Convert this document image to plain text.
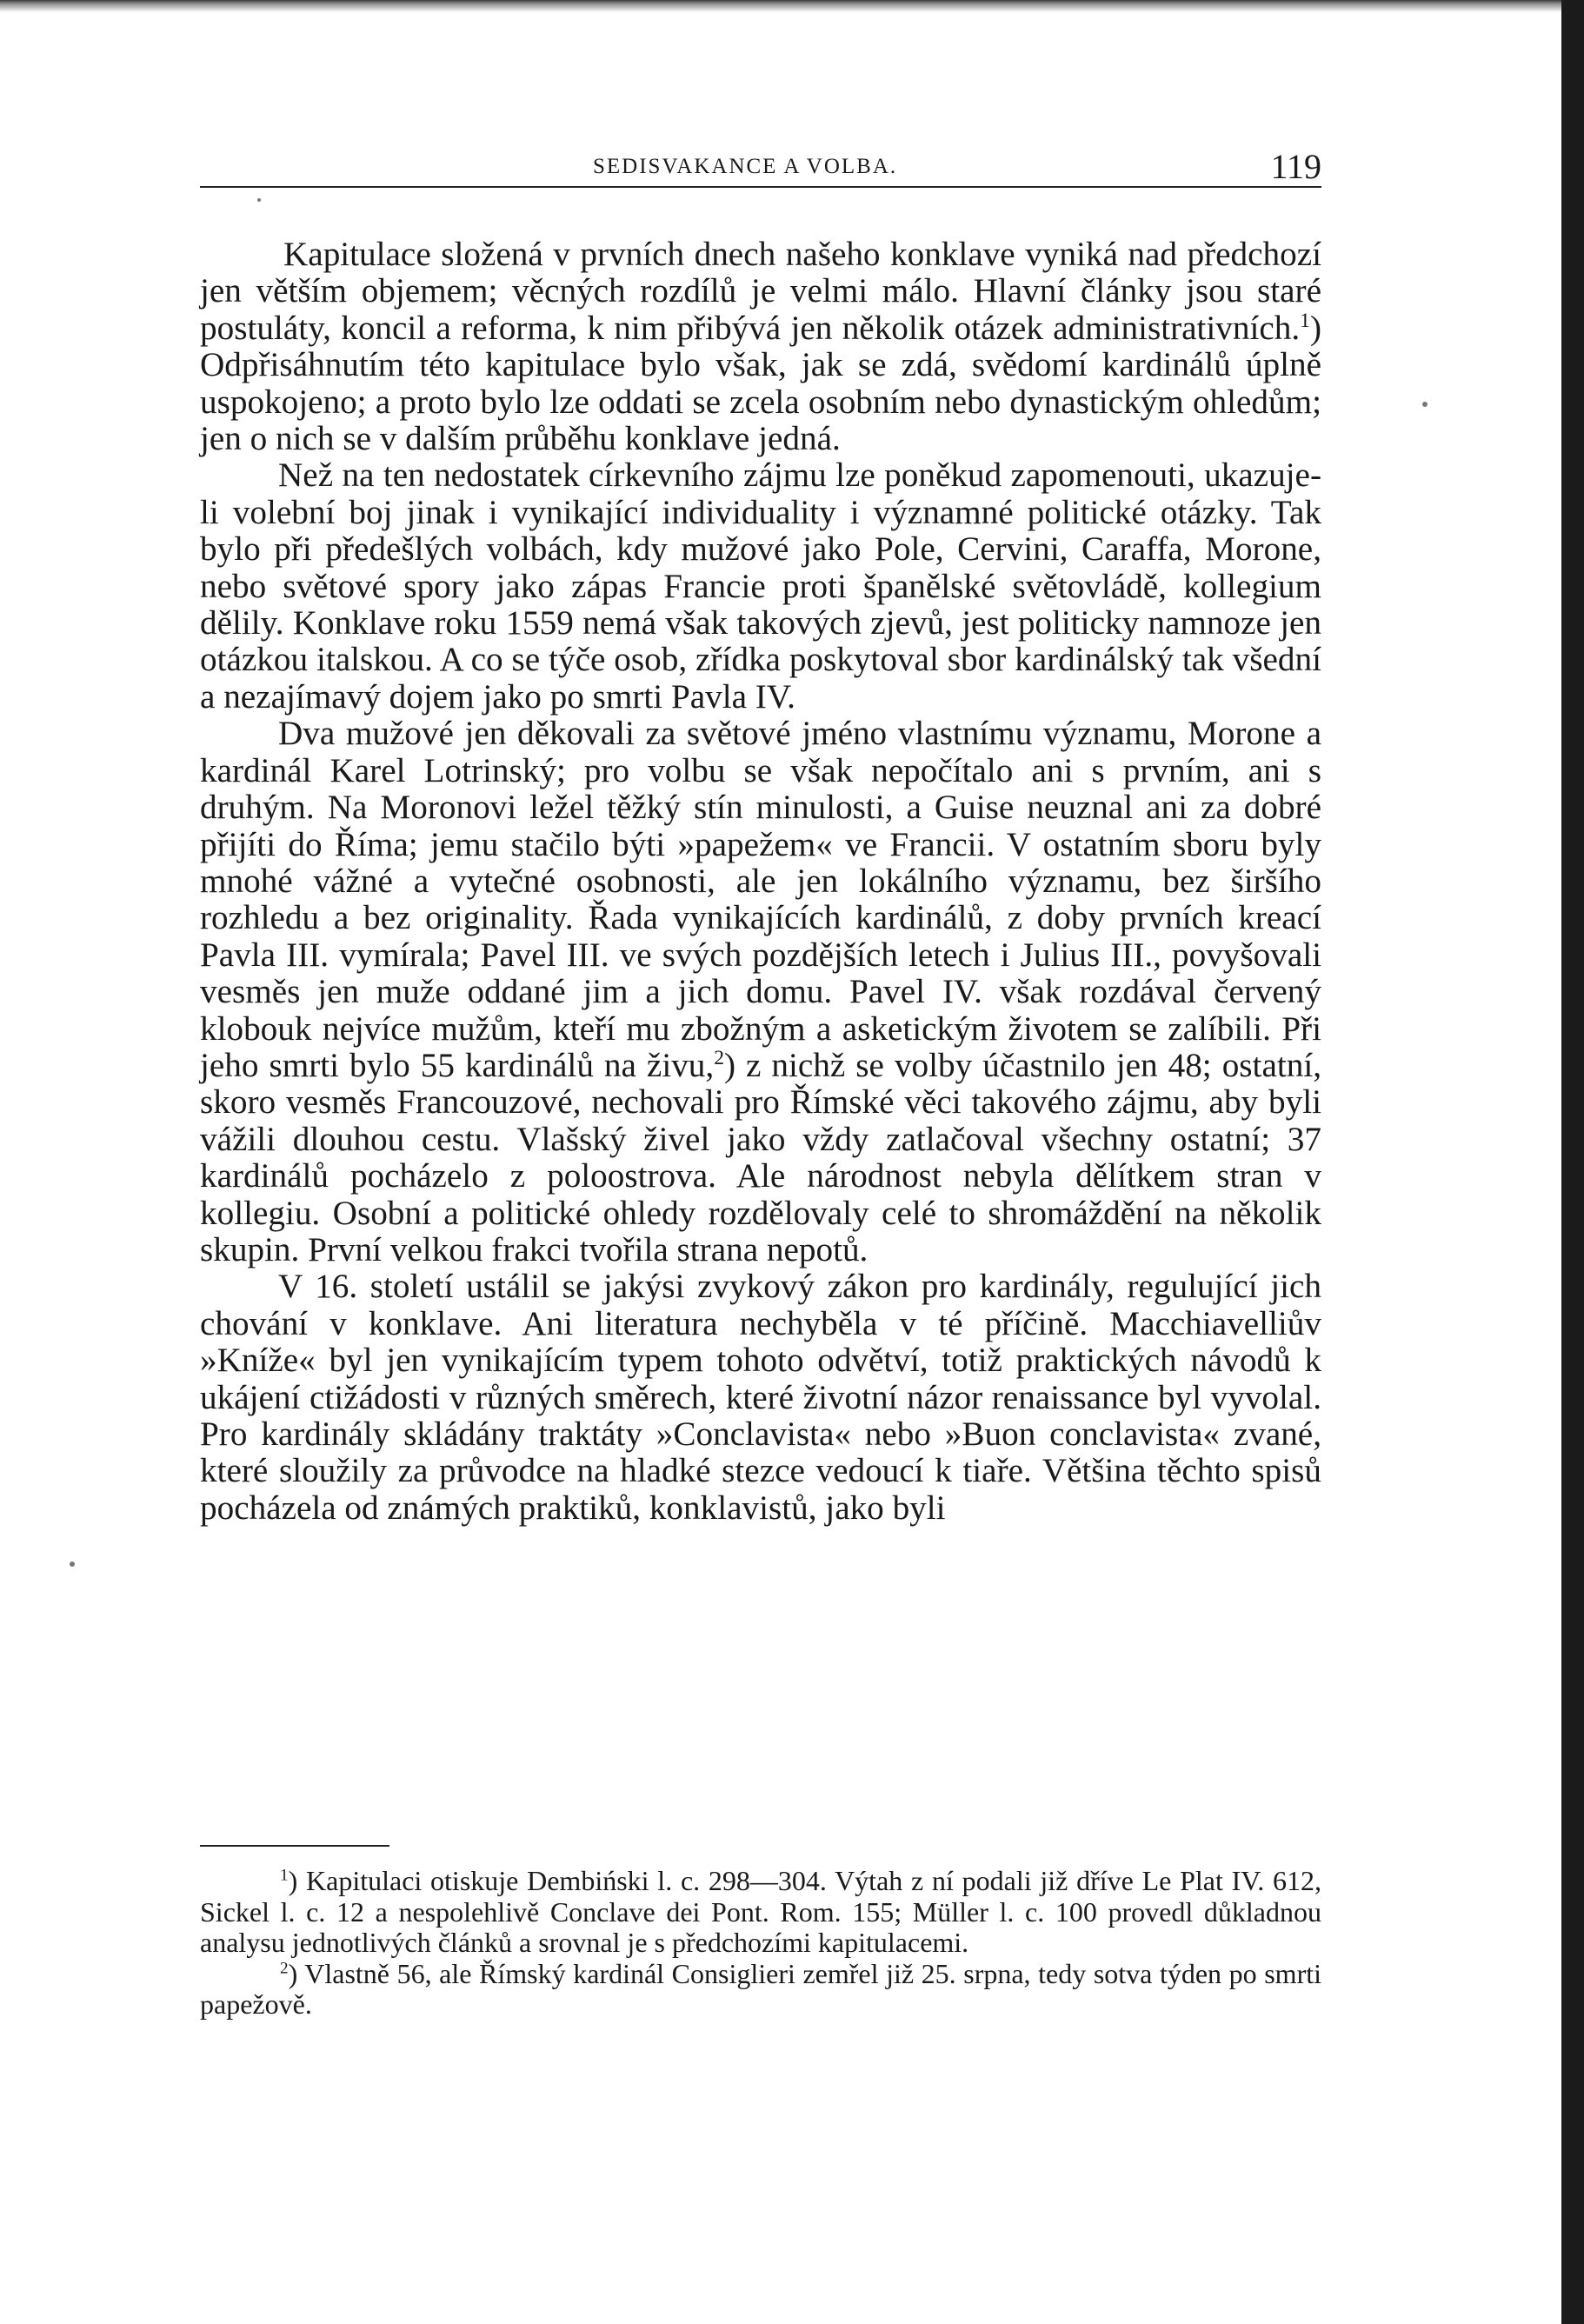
SEDISVAKANCE A VOLBA.	119

Kapitulace složená v prvních dnech našeho konklave vyniká nad předchozí jen větším objemem; věcných rozdílů je velmi málo. Hlavní články jsou staré postuláty, koncil a reforma, k nim přibývá jen několik otázek administrativních.$^1$) Odpřisáhnutím této kapitulace bylo však, jak se zdá, svědomí kardinálů úplně uspokojeno; a proto bylo lze oddati se zcela osobním nebo dynastickým ohledům; jen o nich se v dalším průběhu konklave jedná.

Než na ten nedostatek církevního zájmu lze poněkud zapomenouti, ukazuje-li volební boj jinak i vynikající individuality i významné politické otázky. Tak bylo při předešlých volbách, kdy mužové jako Pole, Cervini, Caraffa, Morone, nebo světové spory jako zápas Francie proti španělské světovládě, kollegium dělily. Konklave roku 1559 nemá však takových zjevů, jest politicky namnoze jen otázkou italskou. A co se týče osob, zřídka poskytoval sbor kardinálský tak všední a nezajímavý dojem jako po smrti Pavla IV.

Dva mužové jen děkovali za světové jméno vlastnímu významu, Morone a kardinál Karel Lotrinský; pro volbu se však nepočítalo ani s prvním, ani s druhým. Na Moronovi ležel těžký stín minulosti, a Guise neuznal ani za dobré přijíti do Říma; jemu stačilo býti »papežem« ve Francii. V ostatním sboru byly mnohé vážné a vytečné osobnosti, ale jen lokálního významu, bez širšího rozhledu a bez originality. Řada vynikajících kardinálů, z doby prvních kreací Pavla III. vymírala; Pavel III. ve svých pozdějších letech i Julius III., povyšovali vesměs jen muže oddané jim a jich domu. Pavel IV. však rozdával červený klobouk nejvíce mužům, kteří mu zbožným a asketickým životem se zalíbili. Při jeho smrti bylo 55 kardinálů na živu,$^2$) z nichž se volby účastnilo jen 48; ostatní, skoro vesměs Francouzové, nechovali pro Římské věci takového zájmu, aby byli vážili dlouhou cestu. Vlašský živel jako vždy zatlačoval všechny ostatní; 37 kardinálů pocházelo z poloostrova. Ale národnost nebyla dělítkem stran v kollegiu. Osobní a politické ohledy rozdělovaly celé to shromáždění na několik skupin. První velkou frakci tvořila strana nepotů.

V 16. století ustálil se jakýsi zvykový zákon pro kardinály, regulující jich chování v konklave. Ani literatura nechyběla v té příčině. Macchiavelliův »Kníže« byl jen vynikajícím typem tohoto odvětví, totiž praktických návodů k ukájení ctižádosti v různých směrech, které životní názor renaissance byl vyvolal. Pro kardinály skládány traktáty »Conclavista« nebo »Buon conclavista« zvané, které sloužily za průvodce na hladké stezce vedoucí k tiaře. Většina těchto spisů pocházela od známých praktiků, konklavistů, jako byli

$^1$) Kapitulaci otiskuje Dembiński l. c. 298—304. Výtah z ní podali již dříve Le Plat IV. 612, Sickel l. c. 12 a nespolehlivě Conclave dei Pont. Rom. 155; Müller l. c. 100 provedl důkladnou analysu jednotlivých článků a srovnal je s předchozími kapitulacemi.

$^2$) Vlastně 56, ale Římský kardinál Consiglieri zemřel již 25. srpna, tedy sotva týden po smrti papežově.
